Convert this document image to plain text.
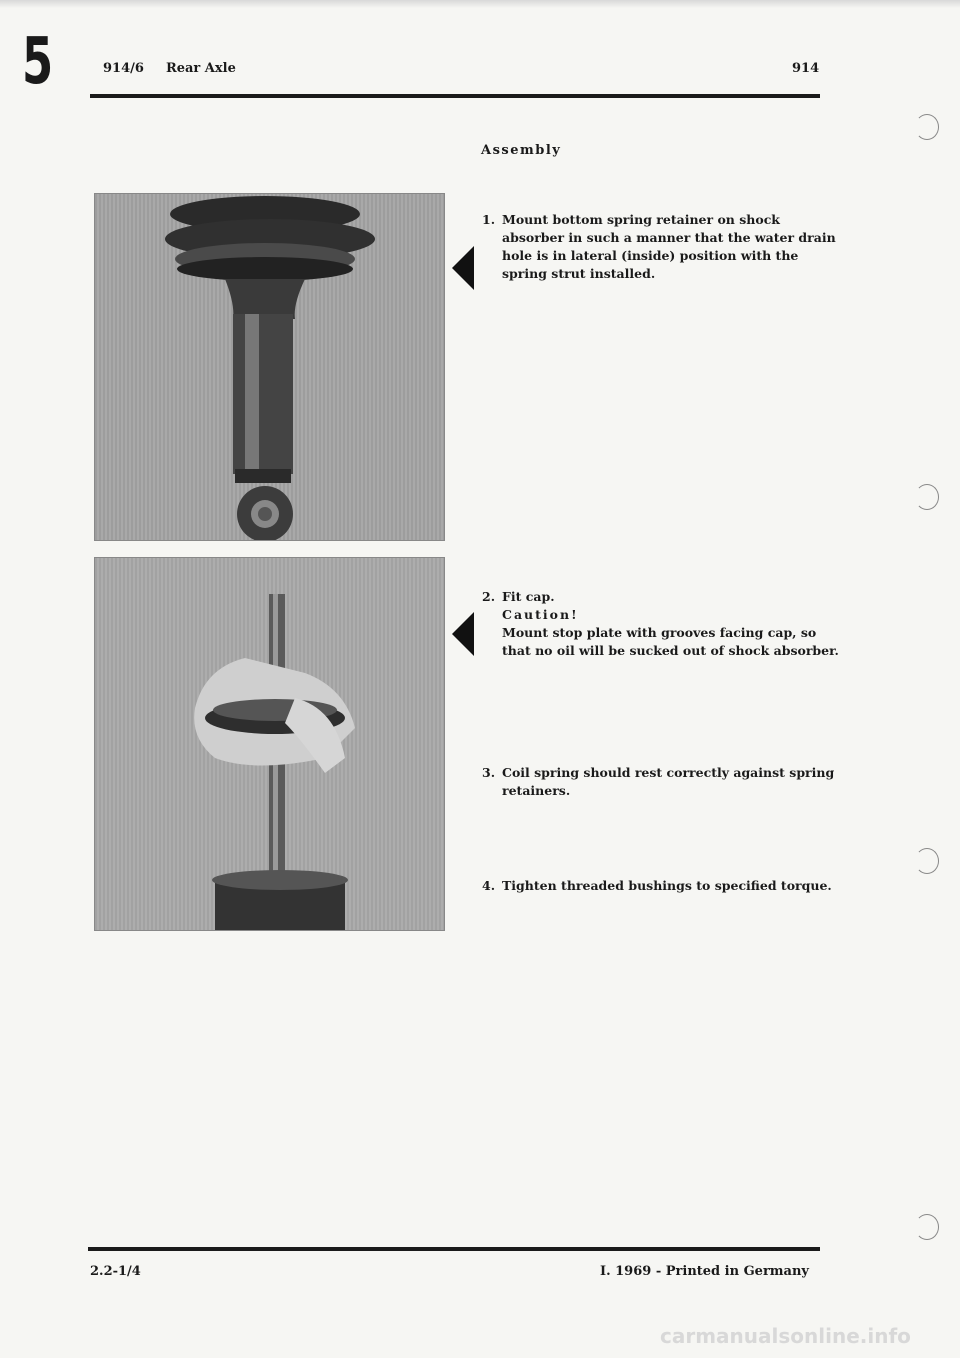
5	914/6 Rear Axle	914
Assembly
1. Mount bottom spring retainer on shock absorber in such a manner that the water drain hole is in lateral (inside) position with the spring strut installed.
2. Fit cap.
Caution!
Mount stop plate with grooves facing cap, so that no oil will be sucked out of shock absorber.
3. Coil spring should rest correctly against spring retainers.
4. Tighten threaded bushings to specified torque.
2.2-1/4	I. 1969 - Printed in Germany
carmanualsonline.info
